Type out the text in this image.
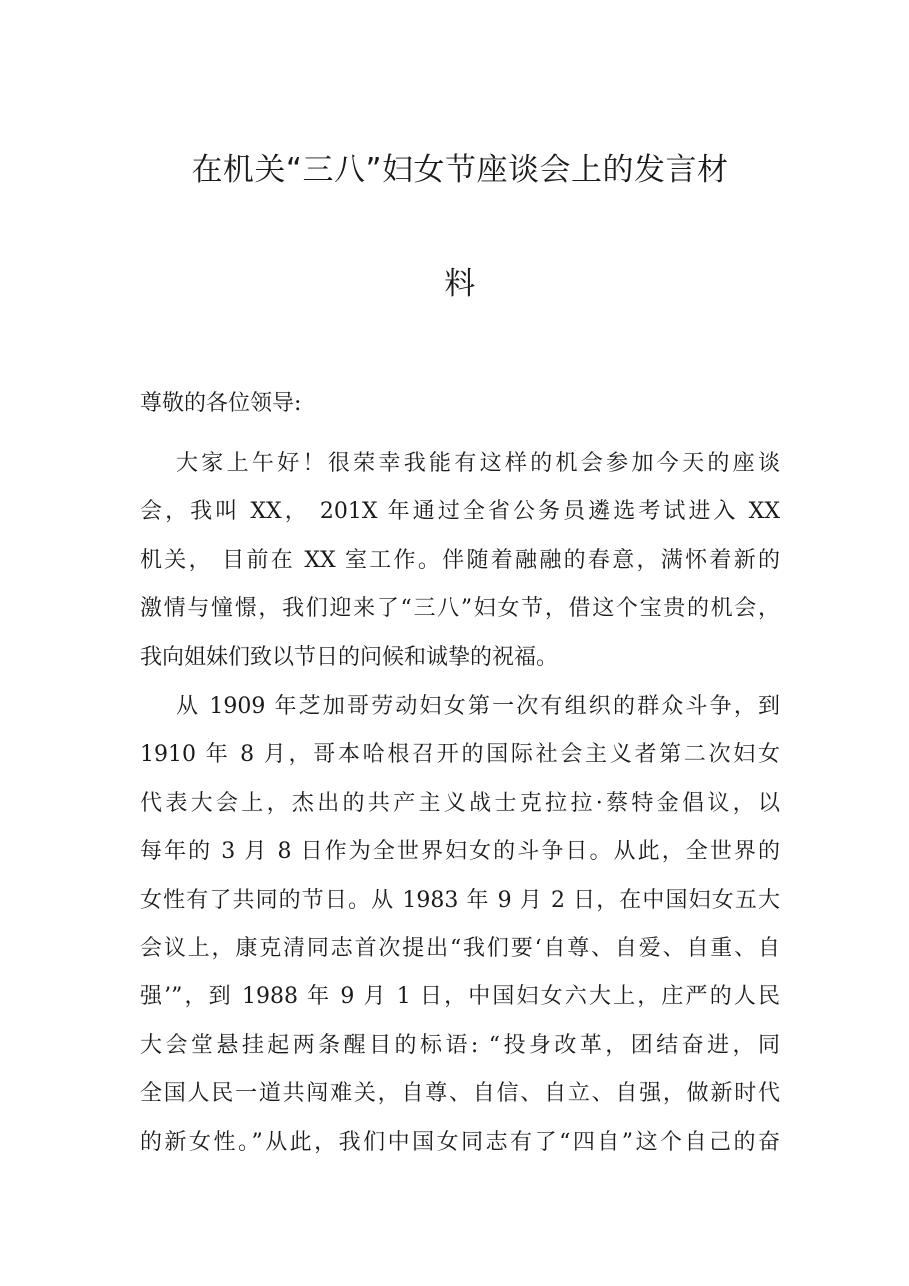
在机关“三八”妇女节座谈会上的发言材
料
尊敬的各位领导:
大家上午好！很荣幸我能有这样的机会参加今天的座谈
会，我叫 XX， 201X 年通过全省公务员遴选考试进入 XX
机关， 目前在 XX 室工作。伴随着融融的春意，满怀着新的
激情与憧憬，我们迎来了“三八”妇女节，借这个宝贵的机会，
我向姐妹们致以节日的问候和诚挚的祝福。
从 1909 年芝加哥劳动妇女第一次有组织的群众斗争，到
1910 年 8 月，哥本哈根召开的国际社会主义者第二次妇女
代表大会上，杰出的共产主义战士克拉拉·蔡特金倡议，以
每年的 3 月 8 日作为全世界妇女的斗争日。从此，全世界的
女性有了共同的节日。从 1983 年 9 月 2 日，在中国妇女五大
会议上，康克清同志首次提出“我们要‘自尊、自爱、自重、自
强’”，到 1988 年 9 月 1 日，中国妇女六大上，庄严的人民
大会堂悬挂起两条醒目的标语: “投身改革，团结奋进，同
全国人民一道共闯难关，自尊、自信、自立、自强，做新时代
的新女性。”从此，我们中国女同志有了“四自”这个自己的奋
